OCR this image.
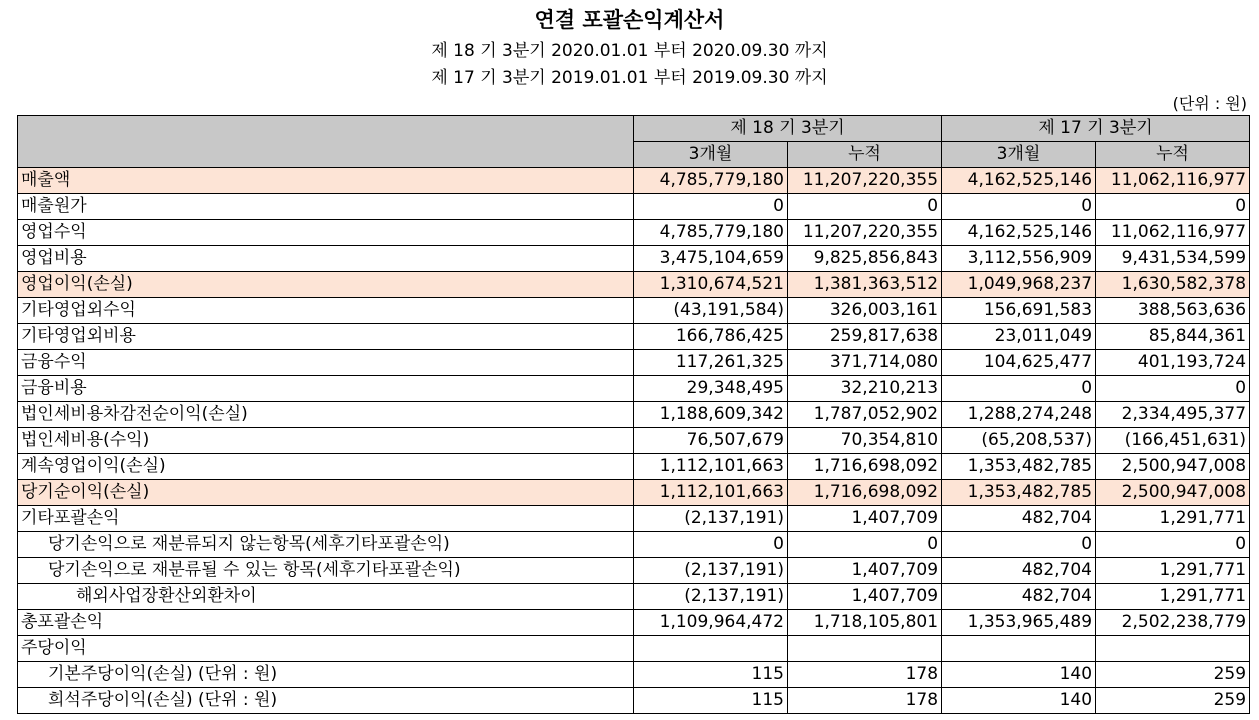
연결 포괄손익계산서
제 18 기 3분기 2020.01.01 부터 2020.09.30 까지
제 17 기 3분기 2019.01.01 부터 2019.09.30 까지
(단위 : 원)
	제 18 기 3분기		제 17 기 3분기	
	3개월	누적	3개월	누적
매출액	4,785,779,180	11,207,220,355	4,162,525,146	11,062,116,977
매출원가	0	0	0	0
영업수익	4,785,779,180	11,207,220,355	4,162,525,146	11,062,116,977
영업비용	3,475,104,659	9,825,856,843	3,112,556,909	9,431,534,599
영업이익(손실)	1,310,674,521	1,381,363,512	1,049,968,237	1,630,582,378
기타영업외수익	(43,191,584)	326,003,161	156,691,583	388,563,636
기타영업외비용	166,786,425	259,817,638	23,011,049	85,844,361
금융수익	117,261,325	371,714,080	104,625,477	401,193,724
금융비용	29,348,495	32,210,213	0	0
법인세비용차감전순이익(손실)	1,188,609,342	1,787,052,902	1,288,274,248	2,334,495,377
법인세비용(수익)	76,507,679	70,354,810	(65,208,537)	(166,451,631)
계속영업이익(손실)	1,112,101,663	1,716,698,092	1,353,482,785	2,500,947,008
당기순이익(손실)	1,112,101,663	1,716,698,092	1,353,482,785	2,500,947,008
기타포괄손익	(2,137,191)	1,407,709	482,704	1,291,771
당기손익으로 재분류되지 않는항목(세후기타포괄손익)	0	0	0	0
당기손익으로 재분류될 수 있는 항목(세후기타포괄손익)	(2,137,191)	1,407,709	482,704	1,291,771
해외사업장환산외환차이	(2,137,191)	1,407,709	482,704	1,291,771
총포괄손익	1,109,964,472	1,718,105,801	1,353,965,489	2,502,238,779
주당이익				
기본주당이익(손실) (단위 : 원)	115	178	140	259
희석주당이익(손실) (단위 : 원)	115	178	140	259
